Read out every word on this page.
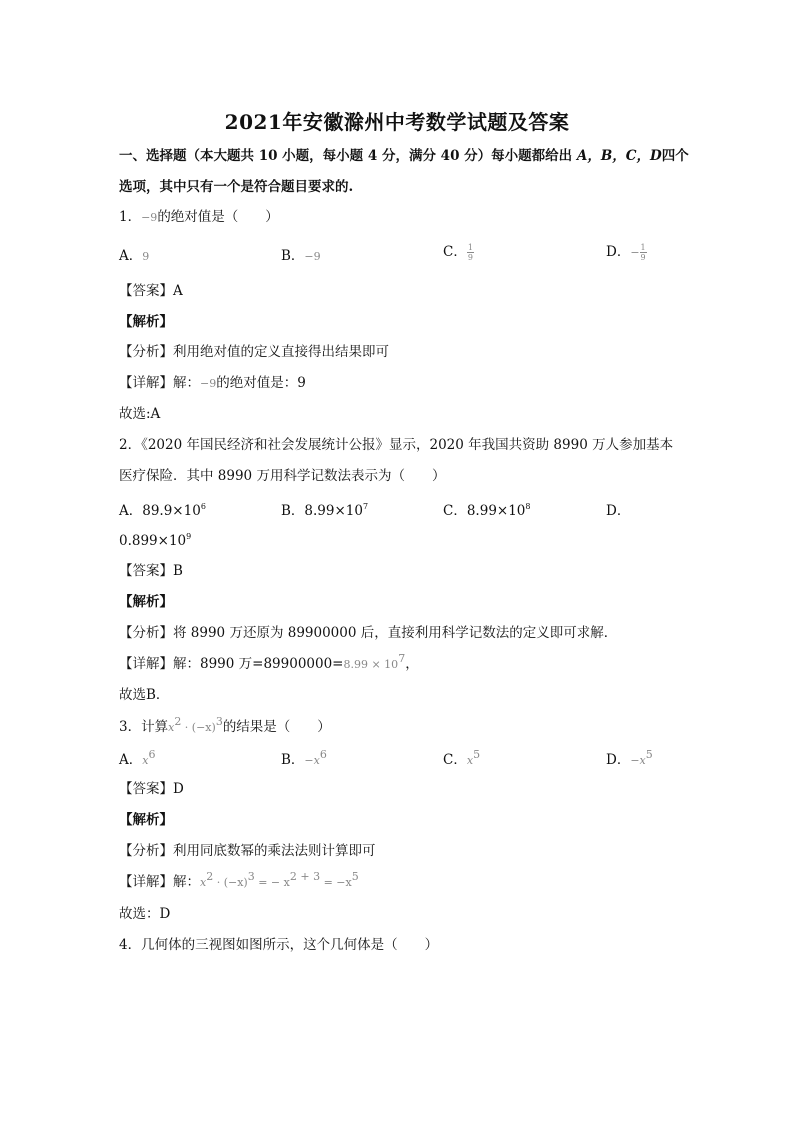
2021年安徽滁州中考数学试题及答案
一、选择题（本大题共 10 小题，每小题 4 分，满分 40 分）每小题都给出 A，B，C，D四个
选项，其中只有一个是符合题目要求的.
1．−9的绝对值是（　　）
A．9	B．−9	C． $\frac{1}{9}$	D．− $\frac{1}{9}$
【答案】A
【解析】
【分析】利用绝对值的定义直接得出结果即可
【详解】解：−9的绝对值是：9
故选:A
2．《2020 年国民经济和社会发展统计公报》显示，2020 年我国共资助 8990 万人参加基本
医疗保险．其中 8990 万用科学记数法表示为（　　）
A．$89.9\times 10^6$	B．$8.99\times 10^7$	C．$8.99\times 10^8$	D．
$0.899\times 10^9$
【答案】B
【解析】
【分析】将 8990 万还原为 89900000 后，直接利用科学记数法的定义即可求解．
【详解】解：8990 万$=89900000=8.99 \times 10^7$，
故选B．
3．计算$x^2 \cdot (-x)^3$的结果是（　　）
A．$x^6$	B．$-x^6$	C．$x^5$	D．$-x^5$
【答案】D
【解析】
【分析】利用同底数幂的乘法法则计算即可
【详解】解：$x^2 \cdot (-x)^3$ = − $x^{2 + 3} = -x^5$
故选：D
4．几何体的三视图如图所示，这个几何体是（　　）
